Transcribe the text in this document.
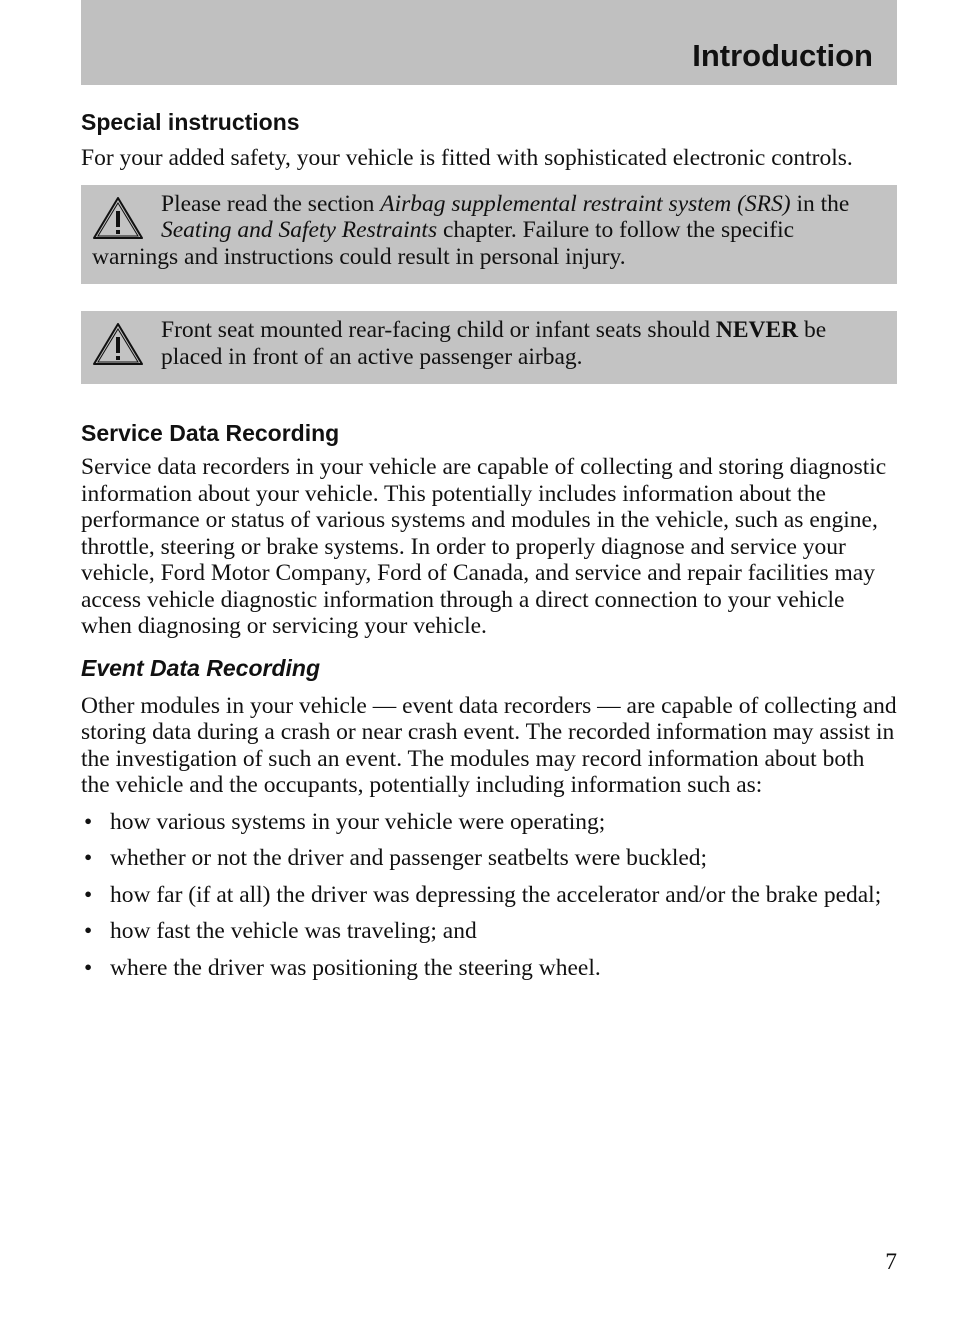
Introduction
Special instructions

For your added safety, your vehicle is fitted with sophisticated electronic controls.

Please read the section Airbag supplemental restraint system (SRS) in the Seating and Safety Restraints chapter. Failure to follow the specific warnings and instructions could result in personal injury.

Front seat mounted rear-facing child or infant seats should NEVER be placed in front of an active passenger airbag.

Service Data Recording

Service data recorders in your vehicle are capable of collecting and storing diagnostic information about your vehicle. This potentially includes information about the performance or status of various systems and modules in the vehicle, such as engine, throttle, steering or brake systems. In order to properly diagnose and service your vehicle, Ford Motor Company, Ford of Canada, and service and repair facilities may access vehicle diagnostic information through a direct connection to your vehicle when diagnosing or servicing your vehicle.

Event Data Recording

Other modules in your vehicle — event data recorders — are capable of collecting and storing data during a crash or near crash event. The recorded information may assist in the investigation of such an event. The modules may record information about both the vehicle and the occupants, potentially including information such as:

• how various systems in your vehicle were operating;
• whether or not the driver and passenger seatbelts were buckled;
• how far (if at all) the driver was depressing the accelerator and/or the brake pedal;
• how fast the vehicle was traveling; and
• where the driver was positioning the steering wheel.
7
